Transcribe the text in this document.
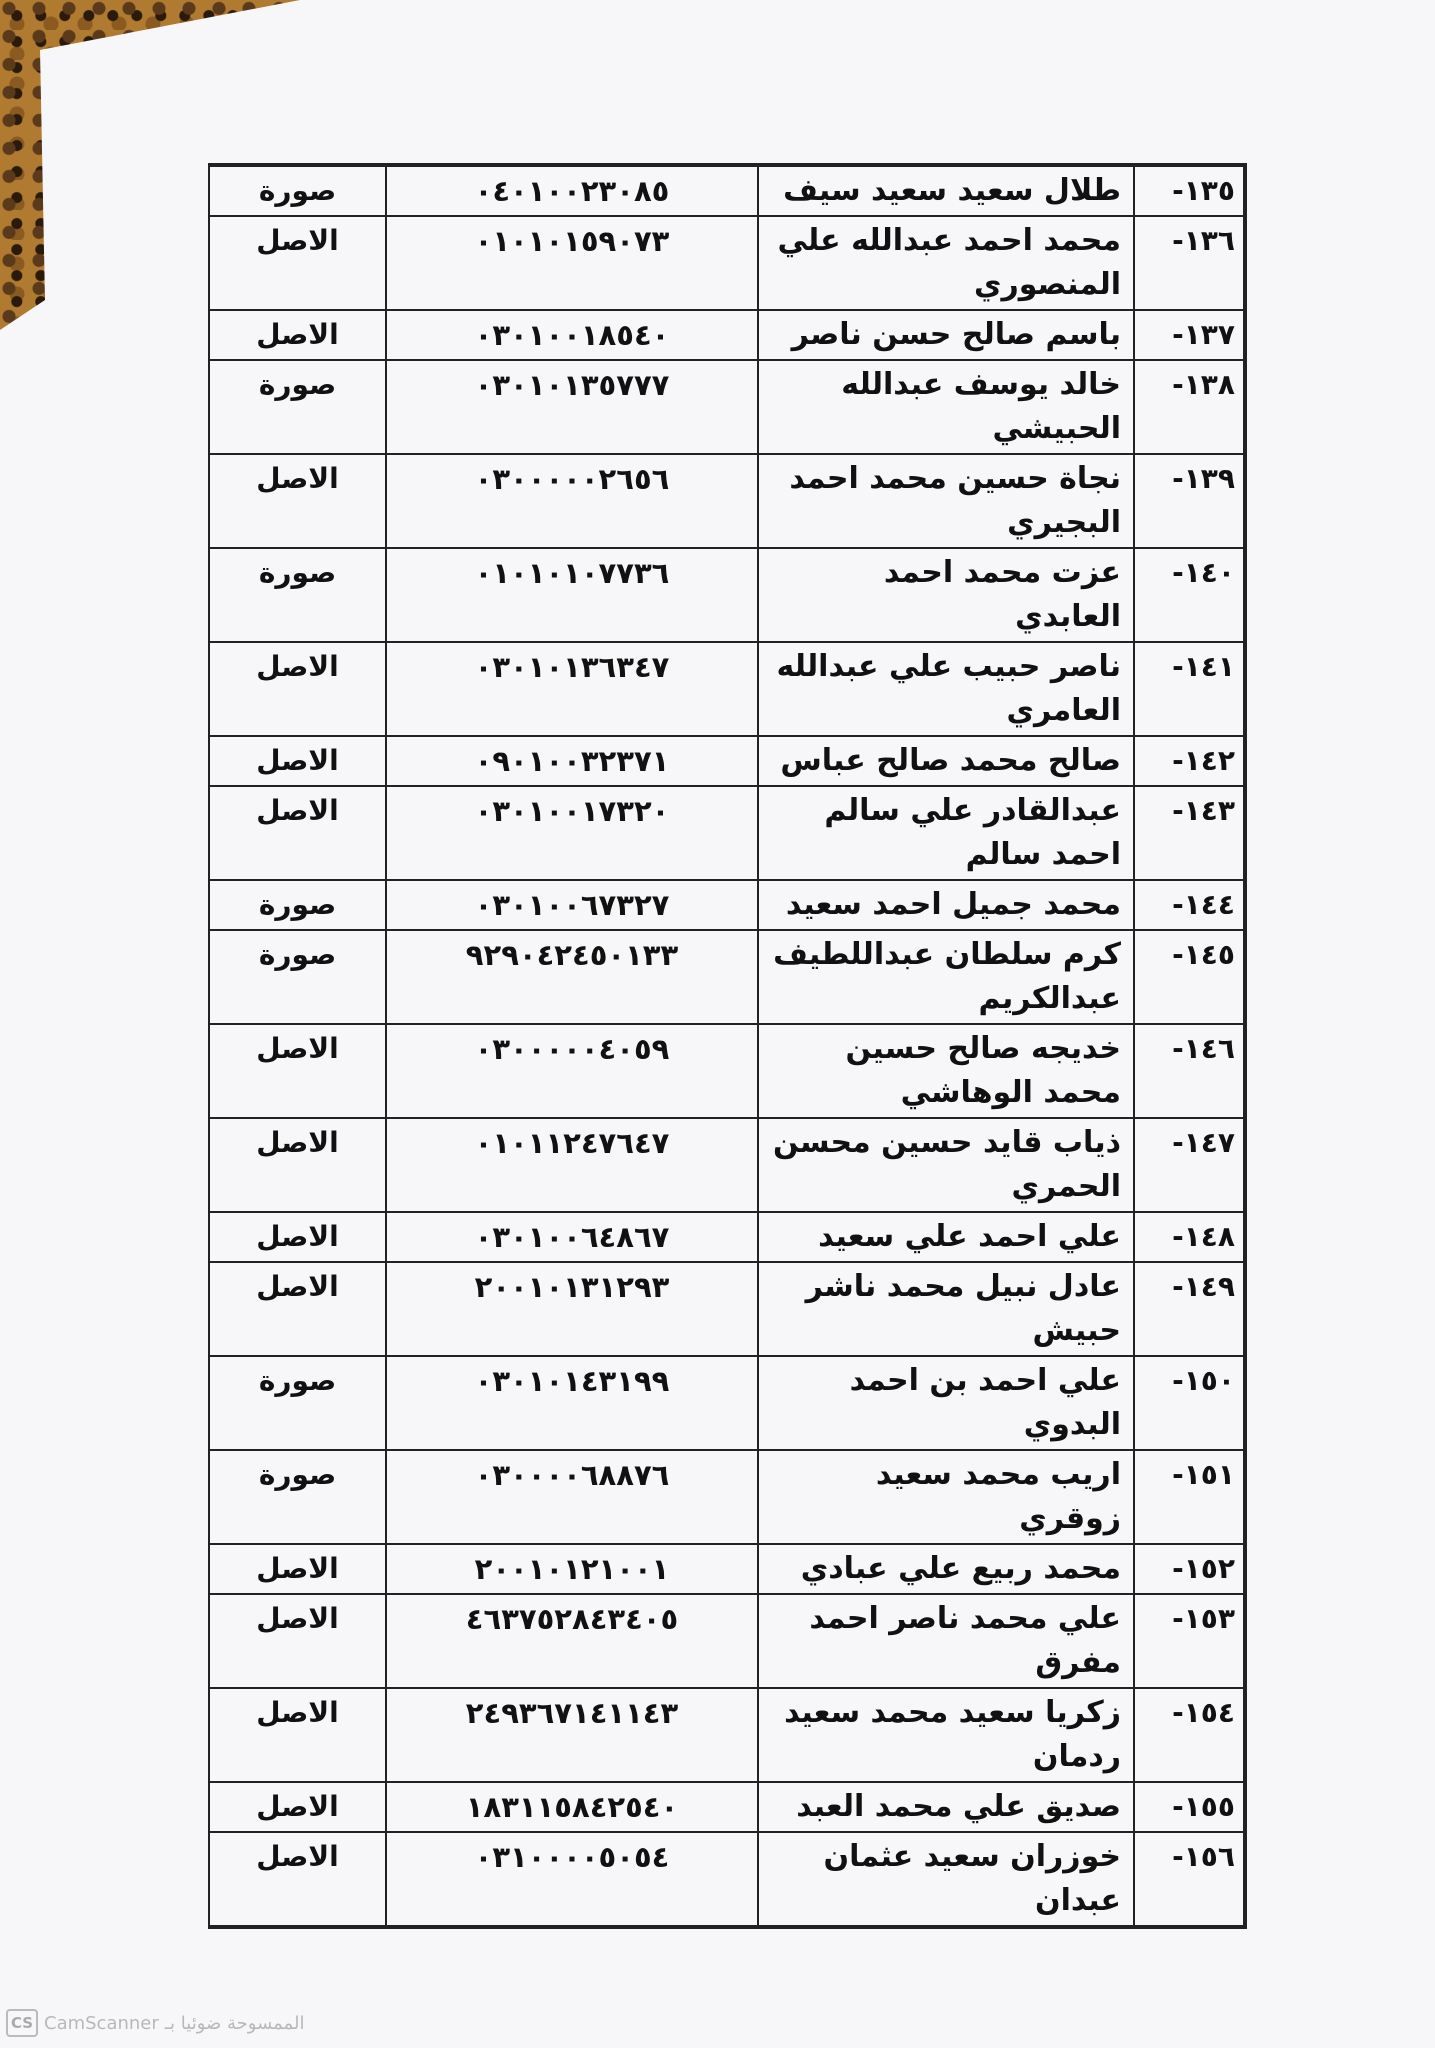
١٣٥-	طلال سعيد سعيد سيف	٠٤٠١٠٠٢٣٠٨٥	صورة
١٣٦-	محمد احمد عبدالله علي المنصوري	٠١٠١٠١٥٩٠٧٣	الاصل
١٣٧-	باسم صالح حسن ناصر	٠٣٠١٠٠١٨٥٤٠	الاصل
١٣٨-	خالد يوسف عبدالله الحبيشي	٠٣٠١٠١٣٥٧٧٧	صورة
١٣٩-	نجاة حسين محمد احمد البجيري	٠٣٠٠٠٠٠٢٦٥٦	الاصل
١٤٠-	عزت محمد احمد العابدي	٠١٠١٠١٠٧٧٣٦	صورة
١٤١-	ناصر حبيب علي عبدالله العامري	٠٣٠١٠١٣٦٣٤٧	الاصل
١٤٢-	صالح محمد صالح عباس	٠٩٠١٠٠٣٢٣٧١	الاصل
١٤٣-	عبدالقادر علي سالم احمد سالم	٠٣٠١٠٠١٧٣٢٠	الاصل
١٤٤-	محمد جميل احمد سعيد	٠٣٠١٠٠٦٧٣٢٧	صورة
١٤٥-	كرم سلطان عبداللطيف عبدالكريم	٩٢٩٠٤٢٤٥٠١٣٣	صورة
١٤٦-	خديجه صالح حسين محمد الوهاشي	٠٣٠٠٠٠٠٤٠٥٩	الاصل
١٤٧-	ذياب قايد حسين محسن الحمري	٠١٠١١٢٤٧٦٤٧	الاصل
١٤٨-	علي احمد علي سعيد	٠٣٠١٠٠٦٤٨٦٧	الاصل
١٤٩-	عادل نبيل محمد ناشر حبيش	٢٠٠١٠١٣١٢٩٣	الاصل
١٥٠-	علي احمد بن احمد البدوي	٠٣٠١٠١٤٣١٩٩	صورة
١٥١-	اريب محمد سعيد زوقري	٠٣٠٠٠٠٦٨٨٧٦	صورة
١٥٢-	محمد ربيع علي عبادي	٢٠٠١٠١٢١٠٠١	الاصل
١٥٣-	علي محمد ناصر احمد مفرق	٤٦٣٧٥٢٨٤٣٤٠٥	الاصل
١٥٤-	زكريا سعيد محمد سعيد ردمان	٢٤٩٣٦٧١٤١١٤٣	الاصل
١٥٥-	صديق علي محمد العبد	١٨٣١١٥٨٤٢٥٤٠	الاصل
١٥٦-	خوزران سعيد عثمان عبدان	٠٣١٠٠٠٠٥٠٥٤	الاصل
CS CamScanner الممسوحة ضوئيا بـ
